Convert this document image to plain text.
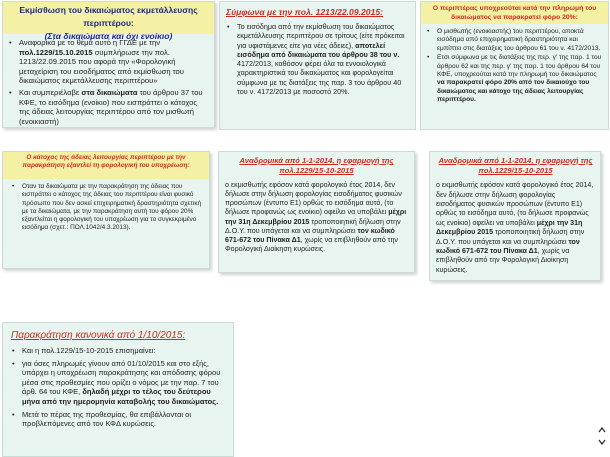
Εκμίσθωση του δικαιώματος εκμετάλλευσης περιπτέρου:
(Στα δικαιώματα και όχι ενοίκιο)
• Αναφορικά με το θέμα αυτό η ΓΓΔΕ με την πολ.1229/15.10.2015 συμπλήρωσε την πολ. 1213/22.09.2015 που αφορά την «Φορολογική μεταχείριση του εισοδήματος από εκμίσθωση του δικαιώματος εκμετάλλευσης περιπτέρου»
• Και συμπεριέλαβε στα δικαιώματα του άρθρου 37 του ΚΦΕ, το εισόδημα (ενοίκιο) που εισπράττει ο κάτοχος της άδειας λειτουργίας περιπτέρου από τον μισθωτή (ενοικιαστή)
Σύμφωνα με την πολ. 1213/22.09.2015:
• Το εισόδημα από την εκμίσθωση του δικαιώματος εκμετάλλευσης περιπτέρου σε τρίτους (είτε πρόκειται για υφιστάμενες είτε για νέες άδειες), αποτελεί εισόδημα από δικαιώματα του άρθρου 38 του ν. 4172/2013, καθόσον φέρει όλα τα εννοιολογικά χαρακτηριστικά του δικαιώματος και φορολογείται σύμφωνα με τις διατάξεις της παρ. 3 του άρθρου 40 του ν. 4172/2013 με ποσοστό 20%.
Ο περιπτέρας υποχρεούται κατά την πληρωμή του δικαιώματος να παρακρατεί φόρο 20%:
• Ο μισθωτής (ενοικιαστής) του περιπτέρου, αποκτά εισόδημα από επιχειρηματική δραστηριότητα και εμπίπτει στις διατάξεις του άρθρου 61 του ν. 4172/2013.
• Ετσι σύμφωνα με τις διατάξεις της περ. γ' της παρ. 1 του άρθρου 62 και της περ. γ' της παρ. 1 του άρθρου 64 του ΚΦΕ, υποχρεούται κατά την πληρωμή του δικαιώματος να παρακρατεί φόρο 20% από τον δικαιούχο του δικαιώματος και κάτοχο της άδειας λειτουργίας περιπτέρου.
Ο κάτοχος της άδειας λειτουργίας περιπτέρου με την παρακράτηση εξαντλεί τη φορολογική του υποχρέωση:
• Οταν τα δικαιώματα με την παρακράτηση της άδειας που εισπράττει ο κάτοχος της άδειας του περιπτέρου είναι φυσικό πρόσωπο που δεν ασκεί επιχειρηματική δραστηριότητα σχετική με τα δικαιώματα, με την παρακράτηση αυτή του φόρου 20% εξαντλείται η φορολογική του υποχρέωση για το συγκεκριμένο εισόδημα (σχετ.: ΠΟΛ.1042/4.3.2013).
Αναδρομικά από 1-1-2014, η εφαρμογή της
πολ.1229/15-10-2015
ο εκμισθωτής εφόσον κατά φορολογικό έτος 2014, δεν δήλωσε στην δήλωση φορολογίας εισοδήματος φυσικών προσώπων (έντυπο Ε1) ορθώς το εισόδημα αυτό, (το δήλωσε προφανώς ως ενοίκιο) οφείλει να υποβάλει μέχρι την 31η Δεκεμβρίου 2015 τροποποιητική δήλωση στην Δ.Ο.Υ. που υπάγεται και να συμπληρώσει τον κωδικό 671-672 του Πίνακα Δ1, χωρίς να επιβληθούν από την Φορολογική Διοίκηση κυρώσεις.
Αναδρομικά από 1-1-2014, η εφαρμογή της
πολ.1229/15-10-2015
ο εκμισθωτής εφόσον κατά φορολογικό έτος 2014, δεν δήλωσε στην δήλωση φορολογίας εισοδήματος φυσικών προσώπων (έντυπο Ε1) ορθώς το εισόδημα αυτό, (το δήλωσε προφανώς ως ενοίκιο) οφείλει να υποβάλει μέχρι την 31η Δεκεμβρίου 2015 τροποποιητική δήλωση στην Δ.Ο.Υ. που υπάγεται και να συμπληρώσει τον κωδικό 671-672 του Πίνακα Δ1, χωρίς να επιβληθούν από την Φορολογική Διοίκηση κυρώσεις.
Παρακράτηση κανονικά από 1/10/2015:
• Και η πολ.1229/15-10-2015 επισημαίνει:
• για όσες πληρωμές γίνουν από 01/10/2015 και στο εξής, υπάρχει η υποχρέωση παρακράτησης και απόδοσης φόρου μέσα στις προθεσμίες που ορίζει ο νόμος με την παρ. 7 του άρθ. 64 του ΚΦΕ, δηλαδή μέχρι το τέλος του δεύτερου μήνα από την ημερομηνία καταβολής του δικαιώματος.
• Μετά το πέρας της προθεσμίας, θα επιβάλλονται οι προβλεπόμενες από τον ΚΦΔ κυρώσεις.
